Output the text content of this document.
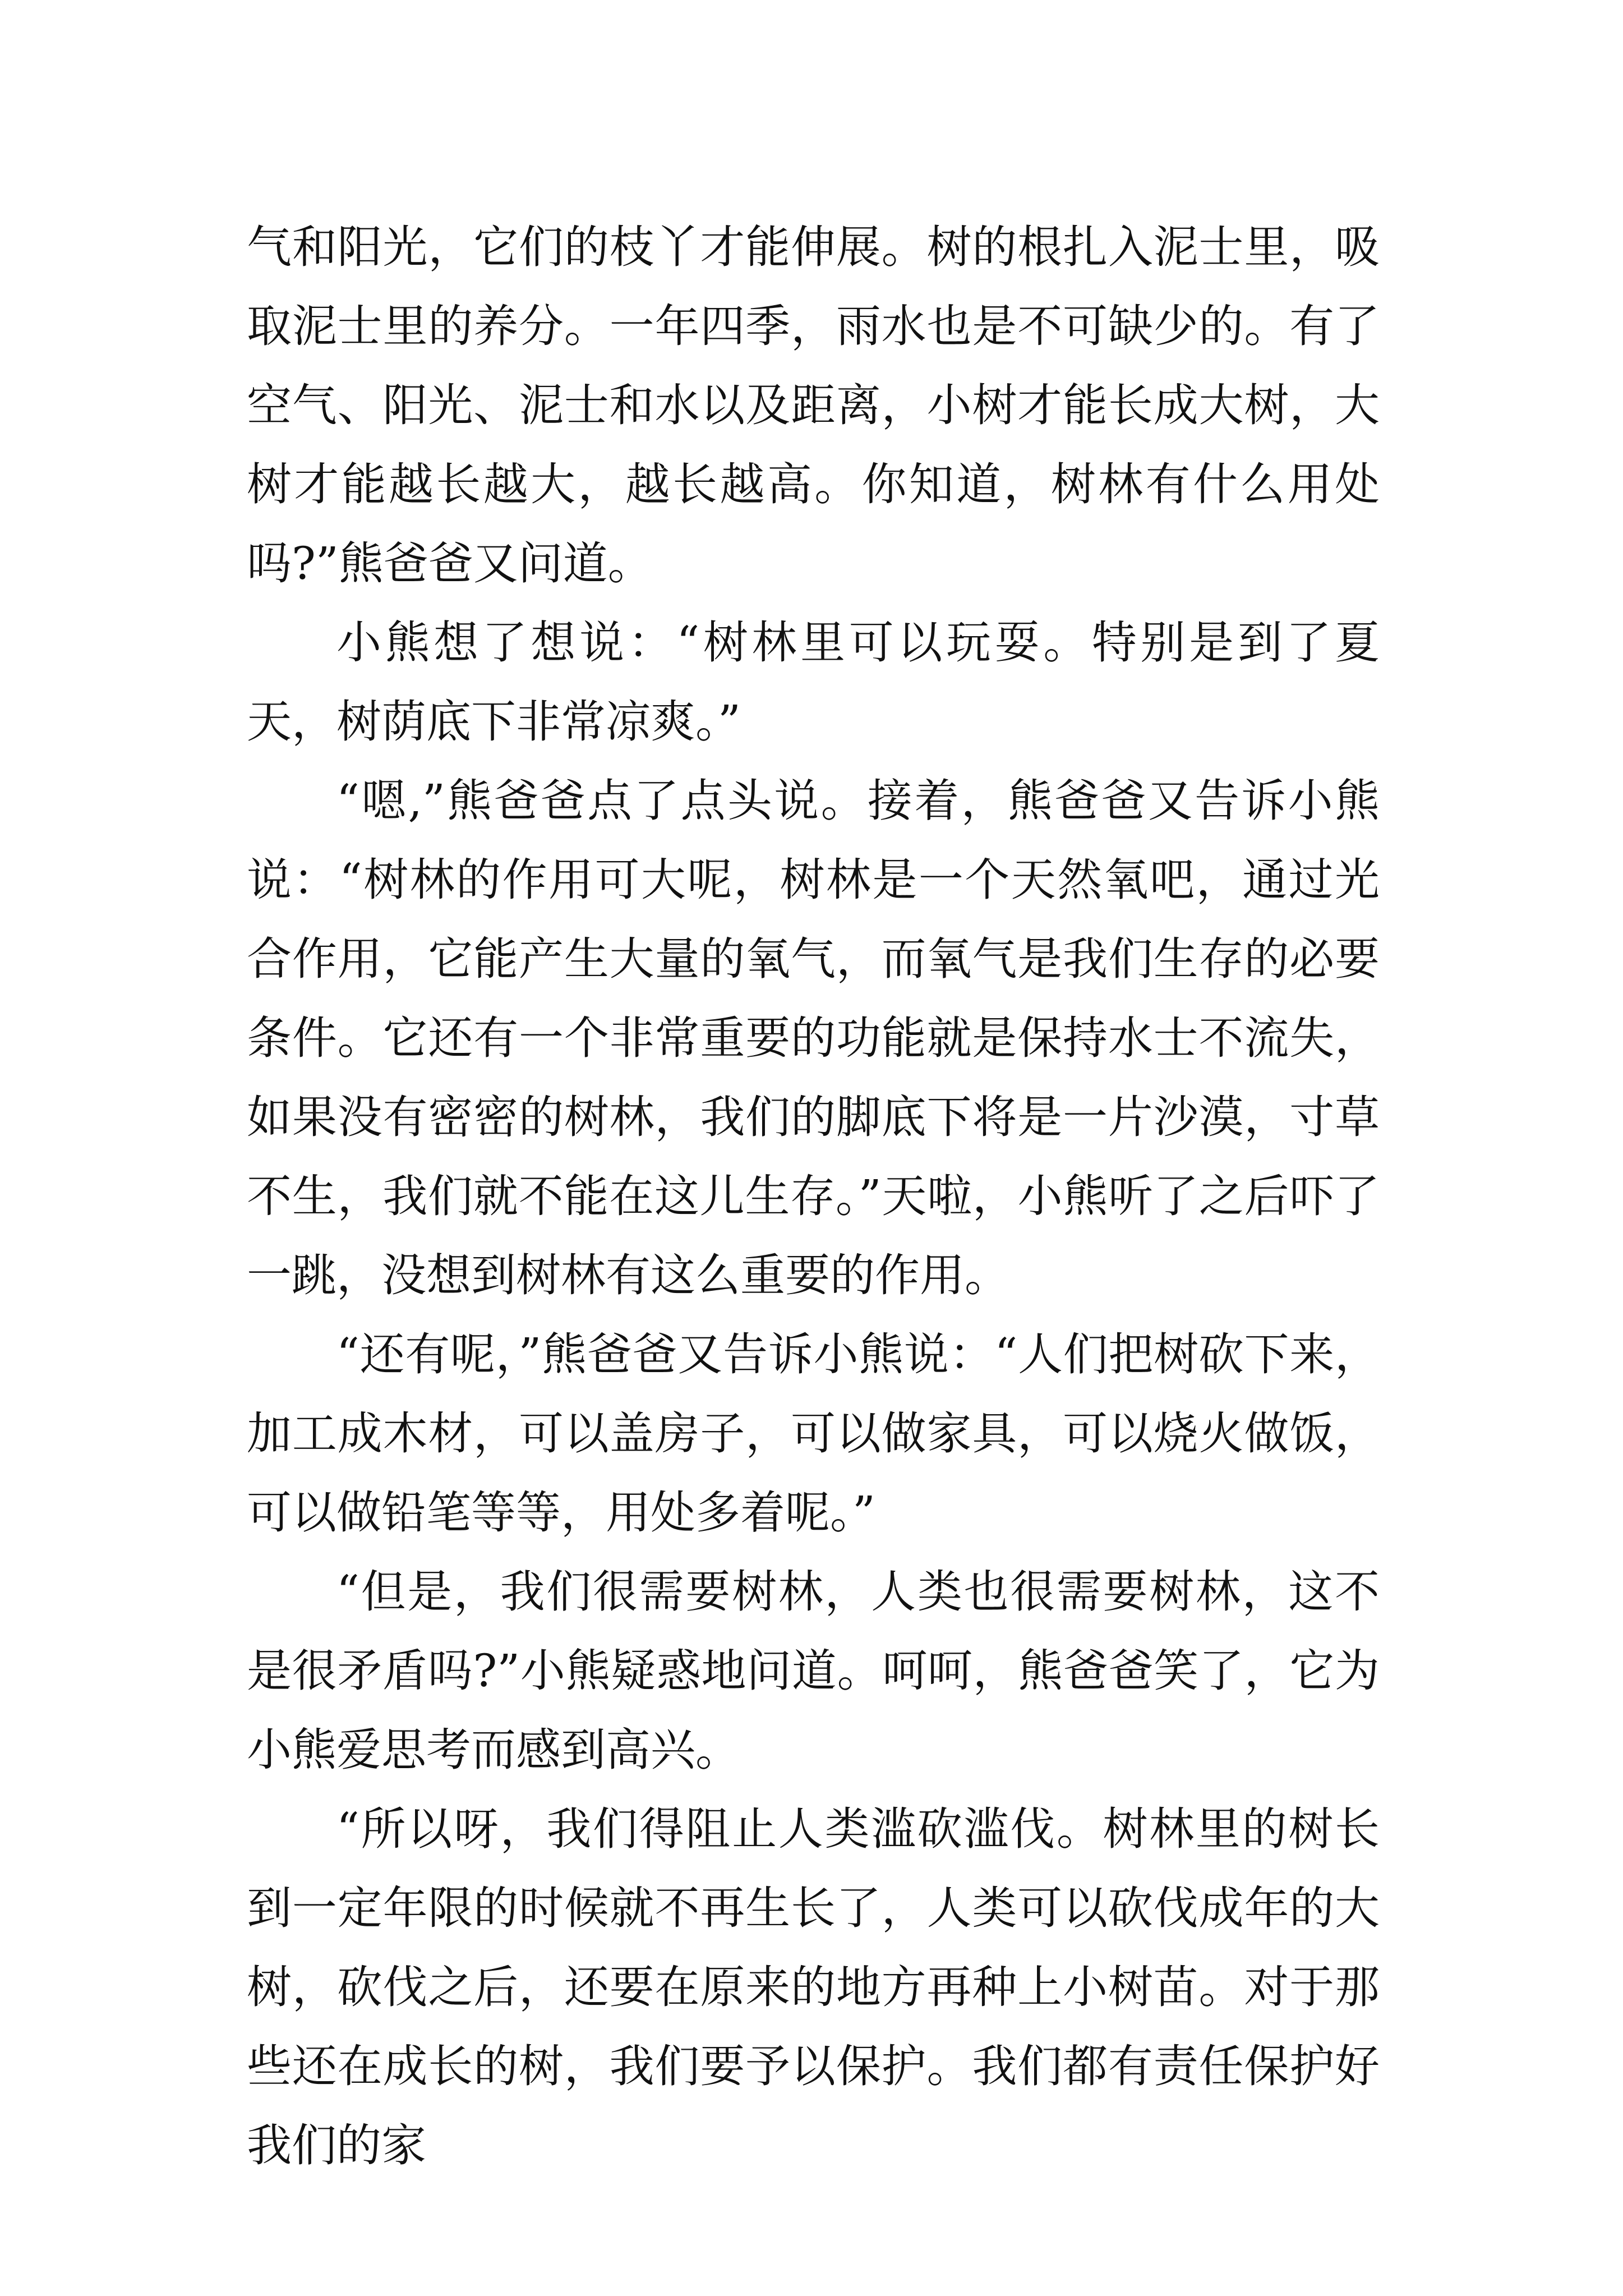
气和阳光，它们的枝丫才能伸展。树的根扎入泥士里，吸取泥士里的养分。一年四季，雨水也是不可缺少的。有了空气、阳光、泥士和水以及距离，小树才能长成大树，大树才能越长越大，越长越高。你知道，树林有什么用处吗?”熊爸爸又问道。

小熊想了想说：“树林里可以玩耍。特别是到了夏天，树荫底下非常凉爽。”

“嗯,”熊爸爸点了点头说。接着，熊爸爸又告诉小熊说：“树林的作用可大呢，树林是一个天然氧吧，通过光合作用，它能产生大量的氧气，而氧气是我们生存的必要条件。它还有一个非常重要的功能就是保持水士不流失，如果没有密密的树林，我们的脚底下将是一片沙漠，寸草不生，我们就不能在这儿生存。”天啦，小熊听了之后吓了一跳，没想到树林有这么重要的作用。

“还有呢，”熊爸爸又告诉小熊说：“人们把树砍下来，加工成木材，可以盖房子，可以做家具，可以烧火做饭，可以做铅笔等等，用处多着呢。”

“但是，我们很需要树林，人类也很需要树林，这不是很矛盾吗?”小熊疑惑地问道。呵呵，熊爸爸笑了，它为小熊爱思考而感到高兴。

“所以呀，我们得阻止人类滥砍滥伐。树林里的树长到一定年限的时候就不再生长了，人类可以砍伐成年的大树，砍伐之后，还要在原来的地方再种上小树苗。对于那些还在成长的树，我们要予以保护。我们都有责任保护好我们的家
